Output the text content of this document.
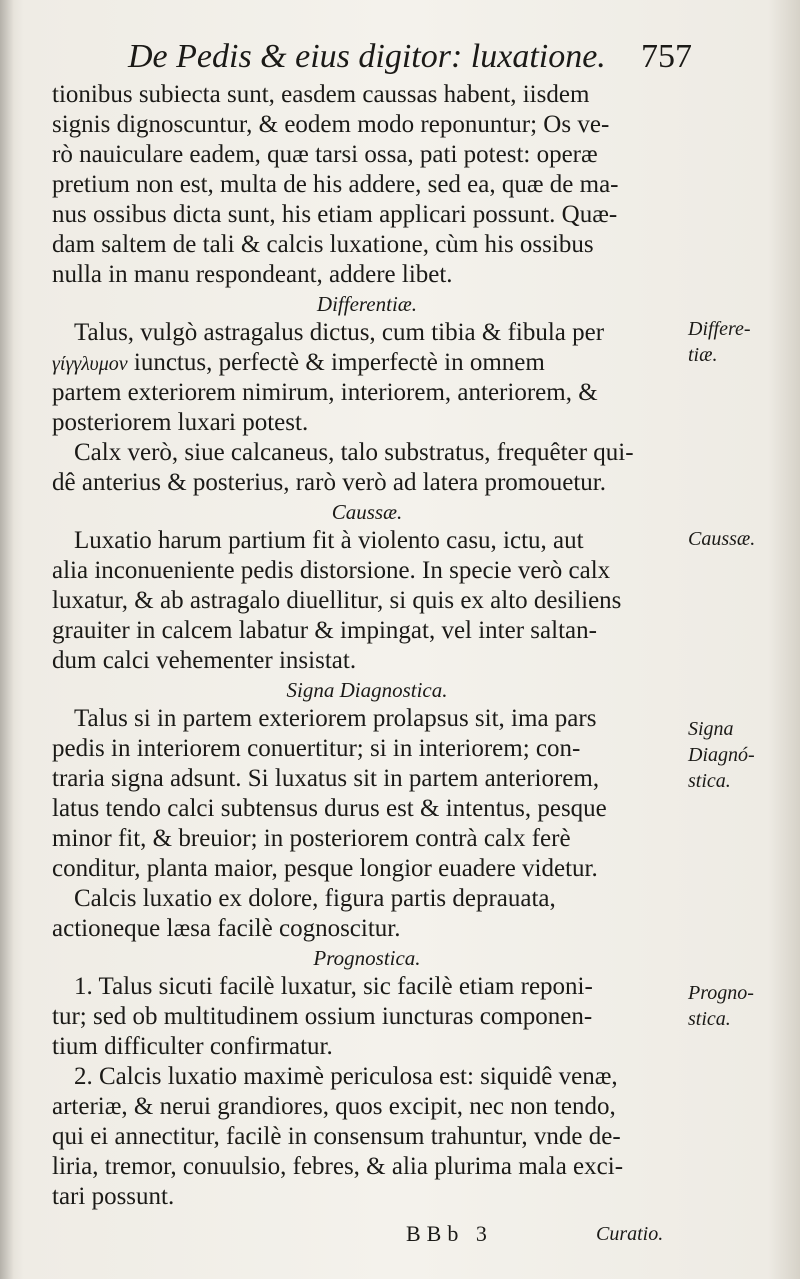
De Pedis & eius digitor: luxatione. 757
tionibus subiecta sunt, easdem caussas habent, iisdem
signis dignoscuntur, & eodem modo reponuntur; Os ve-
rò nauiculare eadem, quæ tarsi ossa, pati potest: operæ
pretium non est, multa de his addere, sed ea, quæ de ma-
nus ossibus dicta sunt, his etiam applicari possunt. Quæ-
dam saltem de tali & calcis luxatione, cùm his ossibus
nulla in manu respondeant, addere libet.
Differentiæ.
Talus, vulgò astragalus dictus, cum tibia & fibula per
γίγγλυμον iunctus, perfectè & imperfectè in omnem
partem exteriorem nimirum, interiorem, anteriorem, &
posteriorem luxari potest.
Calx verò, siue calcaneus, talo substratus, frequêter qui-
dê anterius & posterius, rarò verò ad latera promouetur.
Caussæ.
Luxatio harum partium fit à violento casu, ictu, aut
alia inconueniente pedis distorsione. In specie verò calx
luxatur, & ab astragalo diuellitur, si quis ex alto desiliens
grauiter in calcem labatur & impingat, vel inter saltan-
dum calci vehementer insistat.
Signa Diagnostica.
Talus si in partem exteriorem prolapsus sit, ima pars
pedis in interiorem conuertitur; si in interiorem; con-
traria signa adsunt. Si luxatus sit in partem anteriorem,
latus tendo calci subtensus durus est & intentus, pesque
minor fit, & breuior; in posteriorem contrà calx ferè
conditur, planta maior, pesque longior euadere videtur.
Calcis luxatio ex dolore, figura partis deprauata,
actioneque læsa facilè cognoscitur.
Prognostica.
1. Talus sicuti facilè luxatur, sic facilè etiam reponi-
tur; sed ob multitudinem ossium iuncturas componen-
tium difficulter confirmatur.
2. Calcis luxatio maximè periculosa est: siquidê venæ,
arteriæ, & nerui grandiores, quos excipit, nec non tendo,
qui ei annectitur, facilè in consensum trahuntur, vnde de-
liria, tremor, conuulsio, febres, & alia plurima mala exci-
tari possunt.
Differe-
tiæ.
Caussæ.
Signa
Diagnó-
stica.
Progno-
stica.
BBb 3	Curatio.
